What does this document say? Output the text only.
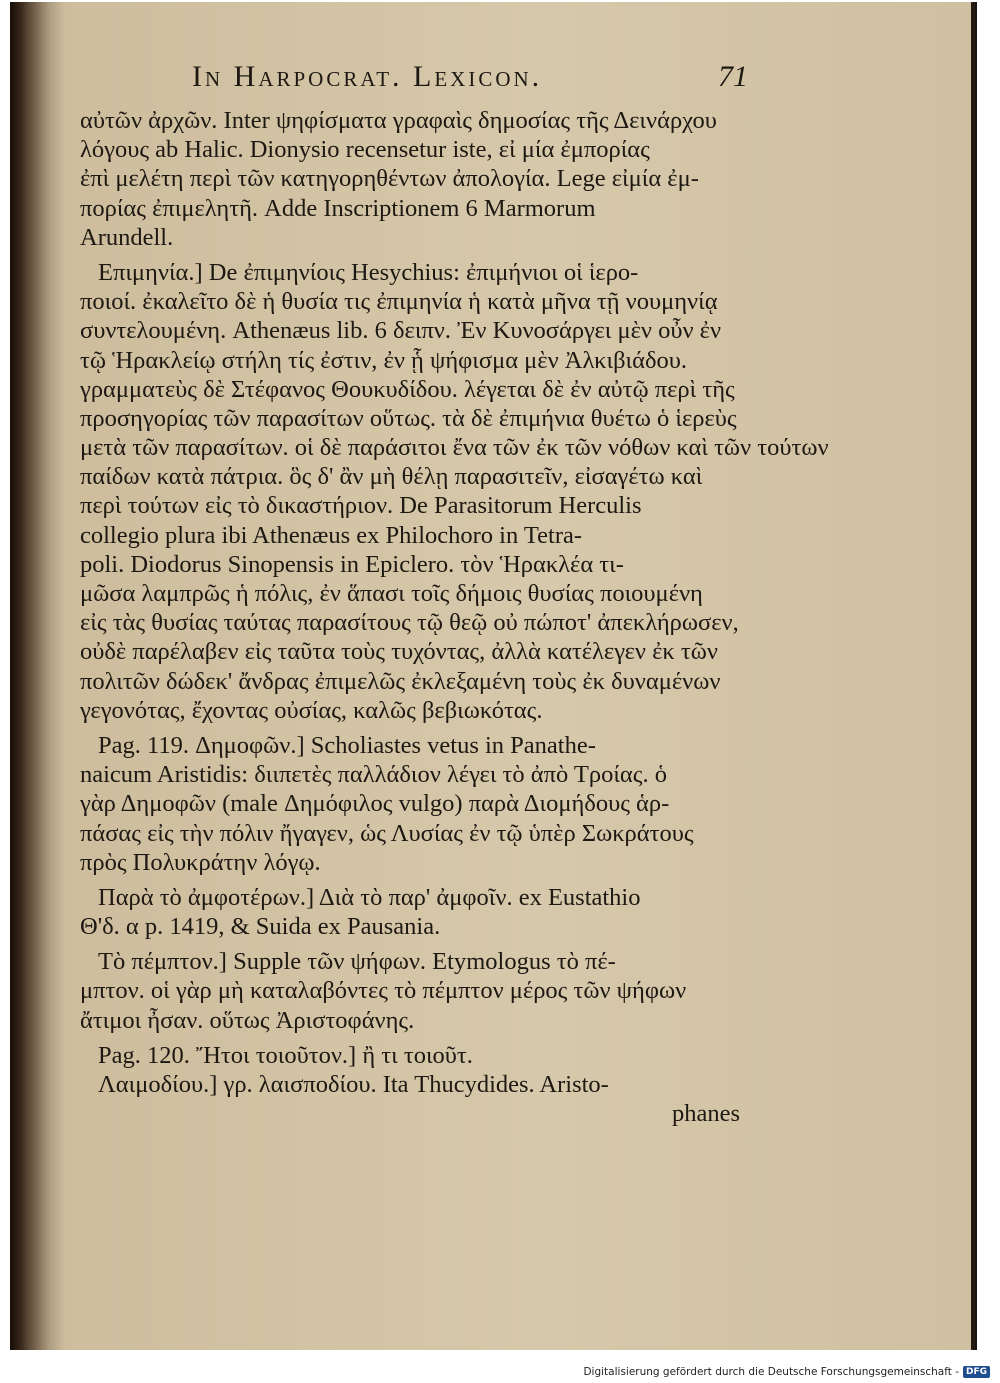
In Harpocrat. Lexicon.	71
αὐτῶν ἀρχῶν. Inter ψηφίσματα γραφαὶς δημοσίας τῆς Δεινάρχου
λόγους ab Halic. Dionysio recensetur iste, εἰ μία ἐμπορίας
ἐπὶ μελέτη περὶ τῶν κατηγορηθέντων ἀπολογία. Lege εἰμία ἐμ-
πορίας ἐπιμελητῆ. Adde Inscriptionem 6 Marmorum
Arundell.
Επιμηνία.] De ἐπιμηνίοις Hesychius: ἐπιμήνιοι οἱ ἱερο-
ποιοί. ἐκαλεῖτο δὲ ἡ θυσία τις ἐπιμηνία ἡ κατὰ μῆνα τῇ νουμηνίᾳ
συντελουμένη. Athenæus lib. 6 δειπν. Ἐν Κυνοσάργει μὲν οὖν ἐν
τῷ Ἡρακλείῳ στήλη τίς ἐστιν, ἐν ᾗ ψήφισμα μὲν Ἀλκιβιάδου.
γραμματεὺς δὲ Στέφανος Θουκυδίδου. λέγεται δὲ ἐν αὐτῷ περὶ τῆς
προσηγορίας τῶν παρασίτων οὕτως. τὰ δὲ ἐπιμήνια θυέτω ὁ ἱερεὺς
μετὰ τῶν παρασίτων. οἱ δὲ παράσιτοι ἔνα τῶν ἐκ τῶν νόθων καὶ τῶν τούτων
παίδων κατὰ πάτρια. ὃς δ' ἂν μὴ θέλῃ παρασιτεῖν, εἰσαγέτω καὶ
περὶ τούτων εἰς τὸ δικαστήριον. De Parasitorum Herculis
collegio plura ibi Athenæus ex Philochoro in Tetra-
poli. Diodorus Sinopensis in Epiclero. τὸν Ἡρακλέα τι-
μῶσα λαμπρῶς ἡ πόλις, ἐν ἅπασι τοῖς δήμοις θυσίας ποιουμένη
εἰς τὰς θυσίας ταύτας παρασίτους τῷ θεῷ οὐ πώποτ' ἀπεκλήρωσεν,
οὐδὲ παρέλαβεν εἰς ταῦτα τοὺς τυχόντας, ἀλλὰ κατέλεγεν ἐκ τῶν
πολιτῶν δώδεκ' ἄνδρας ἐπιμελῶς ἐκλεξαμένη τοὺς ἐκ δυναμένων
γεγονότας, ἔχοντας οὐσίας, καλῶς βεβιωκότας.
Pag. 119. Δημοφῶν.] Scholiastes vetus in Panathe-
naicum Aristidis: διιπετὲς παλλάδιον λέγει τὸ ἀπὸ Τροίας. ὁ
γὰρ Δημοφῶν (male Δημόφιλος vulgo) παρὰ Διομήδους ἁρ-
πάσας εἰς τὴν πόλιν ἤγαγεν, ὡς Λυσίας ἐν τῷ ὑπὲρ Σωκράτους
πρὸς Πολυκράτην λόγῳ.
Παρὰ τὸ ἀμφοτέρων.] Διὰ τὸ παρ' ἀμφοῖν. ex Eustathio
Θ'δ. α p. 1419, & Suida ex Pausania.
Τὸ πέμπτον.] Supple τῶν ψήφων. Etymologus τὸ πέ-
μπτον. οἱ γὰρ μὴ καταλαβόντες τὸ πέμπτον μέρος τῶν ψήφων
ἄτιμοι ἦσαν. οὕτως Ἀριστοφάνης.
Pag. 120. Ἤτοι τοιοῦτον.] ἢ τι τοιοῦτ.
Λαιμοδίου.] γρ. λαισποδίου. Ita Thucydides. Aristo-
phanes
Digitalisierung gefördert durch die Deutsche Forschungsgemeinschaft - DFG
